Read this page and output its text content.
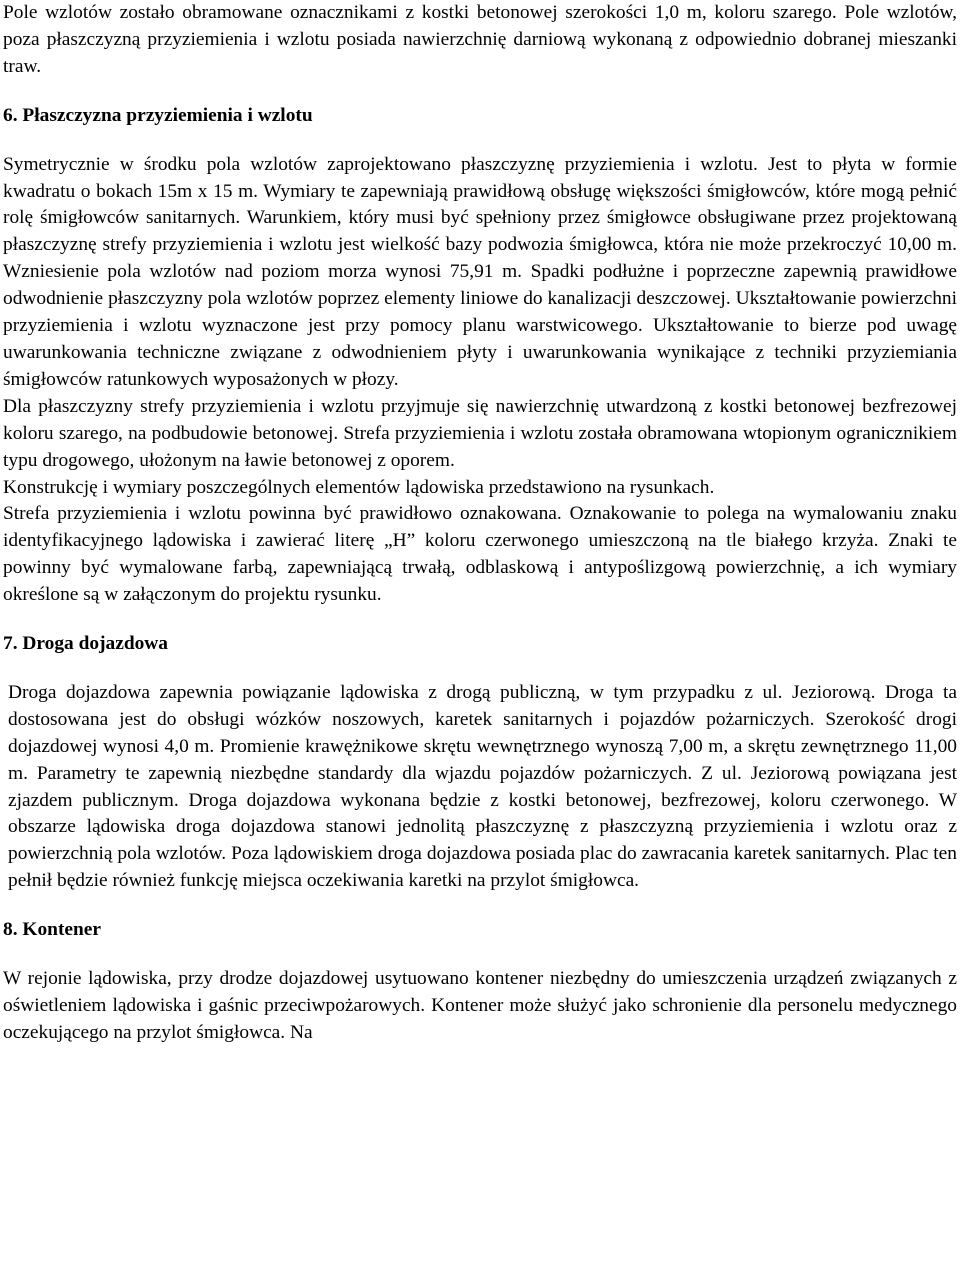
Pole wzlotów zostało obramowane oznacznikami z kostki betonowej szerokości 1,0 m, koloru szarego. Pole wzlotów, poza płaszczyzną przyziemienia i wzlotu posiada nawierzchnię darniową wykonaną z odpowiednio dobranej mieszanki traw.

6. Płaszczyzna przyziemienia i wzlotu

Symetrycznie w środku pola wzlotów zaprojektowano płaszczyznę przyziemienia i wzlotu. Jest to płyta w formie kwadratu o bokach 15m x 15 m. Wymiary te zapewniają prawidłową obsługę większości śmigłowców, które mogą pełnić rolę śmigłowców sanitarnych. Warunkiem, który musi być spełniony przez śmigłowce obsługiwane przez projektowaną płaszczyznę strefy przyziemienia i wzlotu jest wielkość bazy podwozia śmigłowca, która nie może przekroczyć 10,00 m. Wzniesienie pola wzlotów nad poziom morza wynosi 75,91 m. Spadki podłużne i poprzeczne zapewnią prawidłowe odwodnienie płaszczyzny pola wzlotów poprzez elementy liniowe do kanalizacji deszczowej. Ukształtowanie powierzchni przyziemienia i wzlotu wyznaczone jest przy pomocy planu warstwicowego. Ukształtowanie to bierze pod uwagę uwarunkowania techniczne związane z odwodnieniem płyty i uwarunkowania wynikające z techniki przyziemiania śmigłowców ratunkowych wyposażonych w płozy.

Dla płaszczyzny strefy przyziemienia i wzlotu przyjmuje się nawierzchnię utwardzoną z kostki betonowej bezfrezowej koloru szarego, na podbudowie betonowej. Strefa przyziemienia i wzlotu została obramowana wtopionym ogranicznikiem typu drogowego, ułożonym na ławie betonowej z oporem.

Konstrukcję i wymiary poszczególnych elementów lądowiska przedstawiono na rysunkach.

Strefa przyziemienia i wzlotu powinna być prawidłowo oznakowana. Oznakowanie to polega na wymalowaniu znaku identyfikacyjnego lądowiska i zawierać literę „H” koloru czerwonego umieszczoną na tle białego krzyża. Znaki te powinny być wymalowane farbą, zapewniającą trwałą, odblaskową i antypoślizgową powierzchnię, a ich wymiary określone są w załączonym do projektu rysunku.

7. Droga dojazdowa

Droga dojazdowa zapewnia powiązanie lądowiska z drogą publiczną, w tym przypadku z ul. Jeziorową. Droga ta dostosowana jest do obsługi wózków noszowych, karetek sanitarnych i pojazdów pożarniczych. Szerokość drogi dojazdowej wynosi 4,0 m. Promienie krawężnikowe skrętu wewnętrznego wynoszą 7,00 m, a skrętu zewnętrznego 11,00 m. Parametry te zapewnią niezbędne standardy dla wjazdu pojazdów pożarniczych. Z ul. Jeziorową powiązana jest zjazdem publicznym. Droga dojazdowa wykonana będzie z kostki betonowej, bezfrezowej, koloru czerwonego. W obszarze lądowiska droga dojazdowa stanowi jednolitą płaszczyznę z płaszczyzną przyziemienia i wzlotu oraz z powierzchnią pola wzlotów. Poza lądowiskiem droga dojazdowa posiada plac do zawracania karetek sanitarnych. Plac ten pełnił będzie również funkcję miejsca oczekiwania karetki na przylot śmigłowca.

8. Kontener

W rejonie lądowiska, przy drodze dojazdowej usytuowano kontener niezbędny do umieszczenia urządzeń związanych z oświetleniem lądowiska i gaśnic przeciwpożarowych. Kontener może służyć jako schronienie dla personelu medycznego oczekującego na przylot śmigłowca. Na
